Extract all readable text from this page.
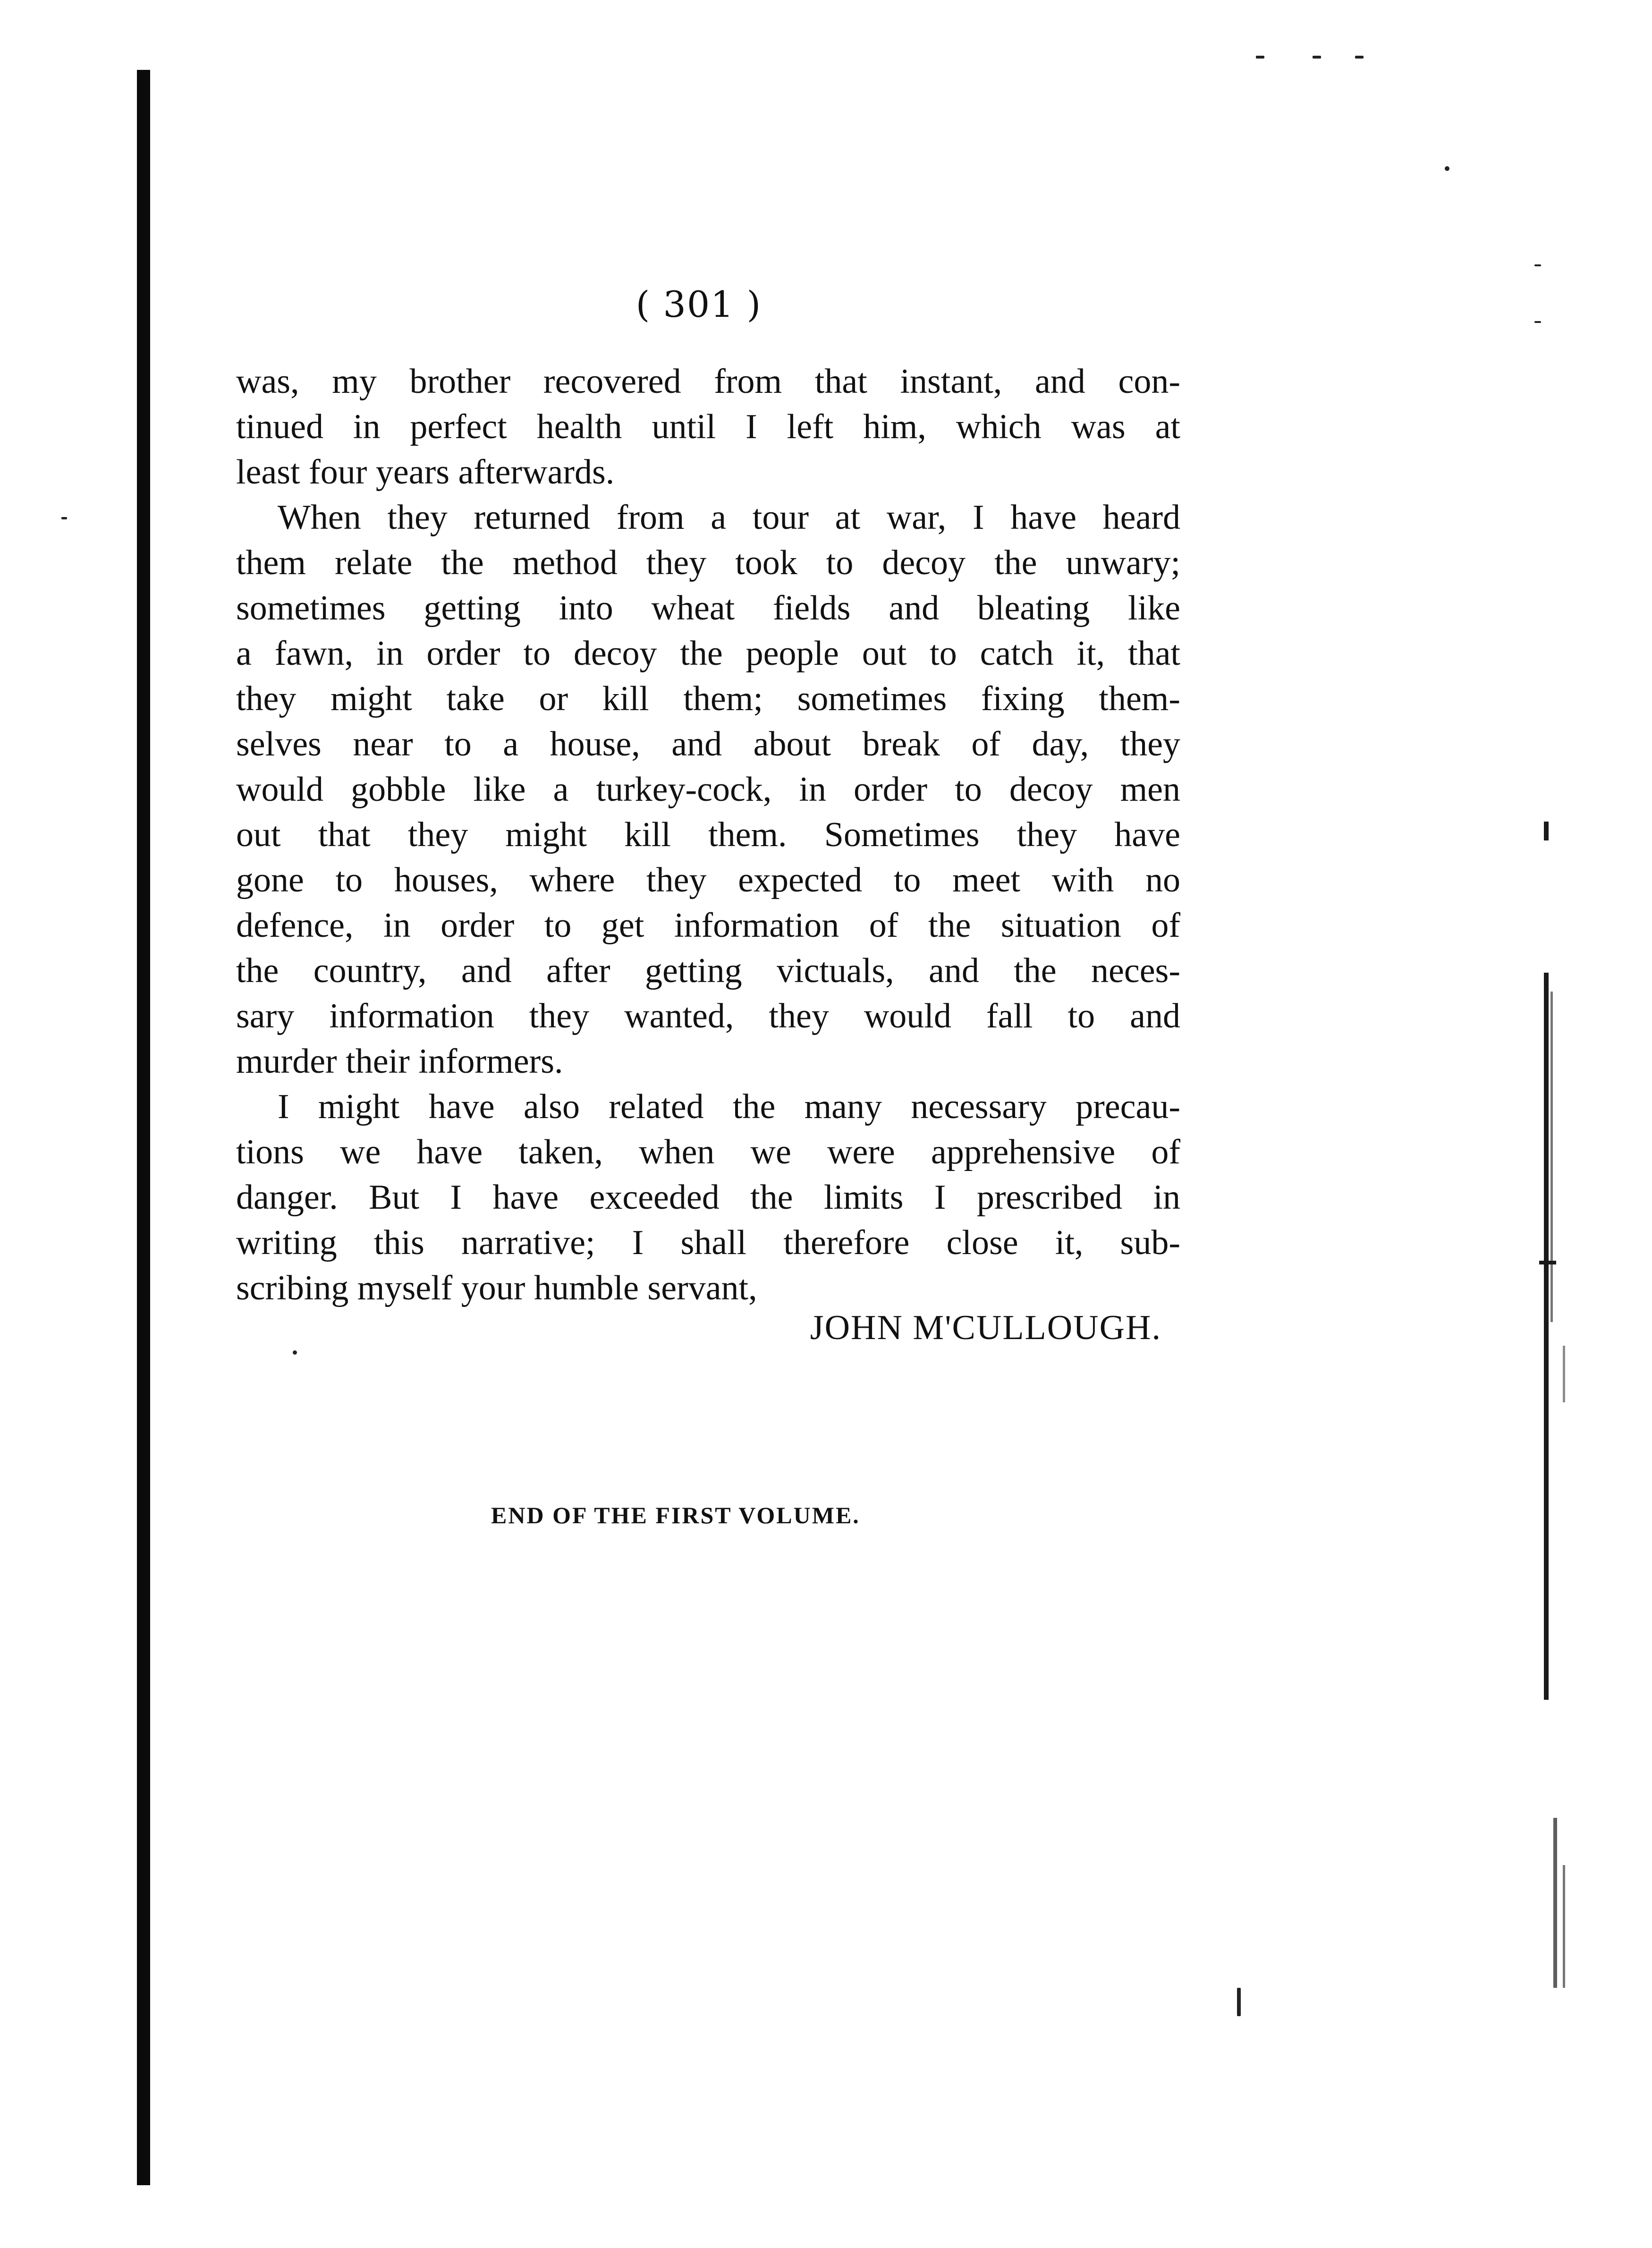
( 301 )
was, my brother recovered from that instant, and con-
tinued in perfect health until I left him, which was at
least four years afterwards.
When they returned from a tour at war, I have heard
them relate the method they took to decoy the unwary;
sometimes getting into wheat fields and bleating like
a fawn, in order to decoy the people out to catch it, that
they might take or kill them; sometimes fixing them-
selves near to a house, and about break of day, they
would gobble like a turkey-cock, in order to decoy men
out that they might kill them. Sometimes they have
gone to houses, where they expected to meet with no
defence, in order to get information of the situation of
the country, and after getting victuals, and the neces-
sary information they wanted, they would fall to and
murder their informers.
I might have also related the many necessary precau-
tions we have taken, when we were apprehensive of
danger. But I have exceeded the limits I prescribed in
writing this narrative; I shall therefore close it, sub-
scribing myself your humble servant,
JOHN M'CULLOUGH.
END OF THE FIRST VOLUME.
